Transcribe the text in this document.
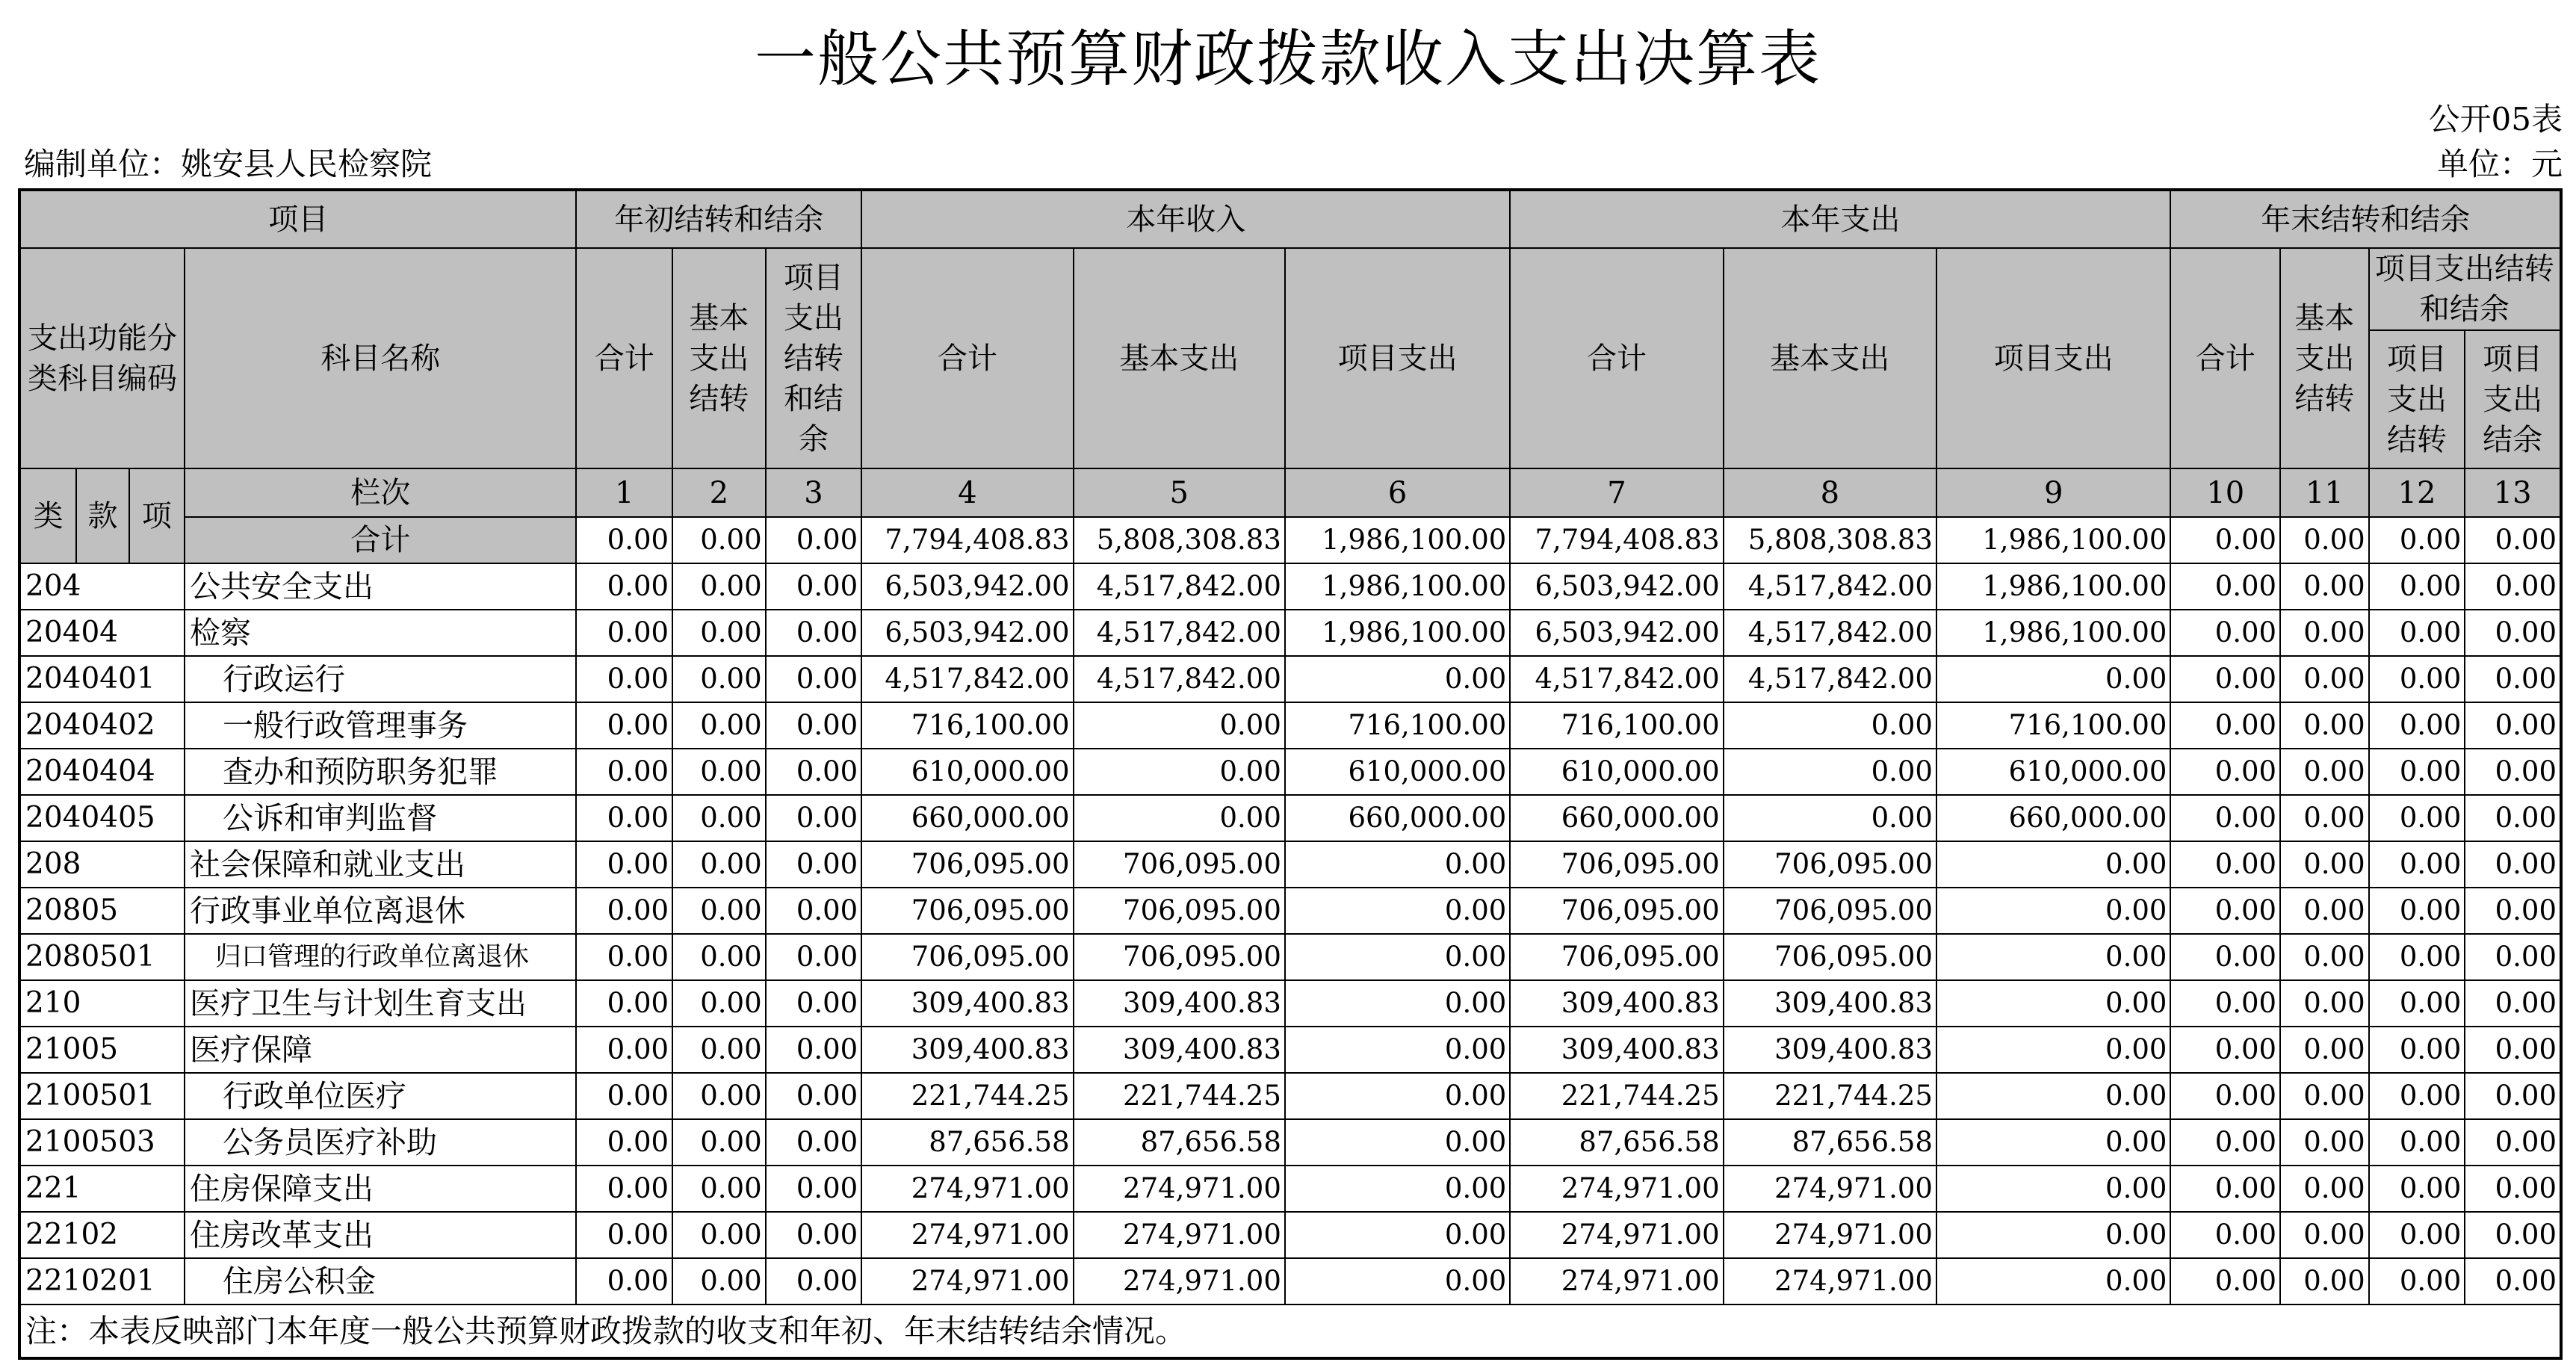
一般公共预算财政拨款收入支出决算表
公开05表
编制单位：姚安县人民检察院	单位：元
项目				年初结转和结余			本年收入			本年支出			年末结转和结余			
支出功能分类科目编码			科目名称	合计	基本支出结转	项目支出结转和结余	合计	基本支出	项目支出	合计	基本支出	项目支出	合计	基本支出结转	项目支出结转和结余	
															项目支出结转	项目支出结余
类	款	项	栏次	1	2	3	4	5	6	7	8	9	10	11	12	13
			合计	0.00	0.00	0.00	7,794,408.83	5,808,308.83	1,986,100.00	7,794,408.83	5,808,308.83	1,986,100.00	0.00	0.00	0.00	0.00
204			公共安全支出	0.00	0.00	0.00	6,503,942.00	4,517,842.00	1,986,100.00	6,503,942.00	4,517,842.00	1,986,100.00	0.00	0.00	0.00	0.00
20404			检察	0.00	0.00	0.00	6,503,942.00	4,517,842.00	1,986,100.00	6,503,942.00	4,517,842.00	1,986,100.00	0.00	0.00	0.00	0.00
2040401			行政运行	0.00	0.00	0.00	4,517,842.00	4,517,842.00	0.00	4,517,842.00	4,517,842.00	0.00	0.00	0.00	0.00	0.00
2040402			一般行政管理事务	0.00	0.00	0.00	716,100.00	0.00	716,100.00	716,100.00	0.00	716,100.00	0.00	0.00	0.00	0.00
2040404			查办和预防职务犯罪	0.00	0.00	0.00	610,000.00	0.00	610,000.00	610,000.00	0.00	610,000.00	0.00	0.00	0.00	0.00
2040405			公诉和审判监督	0.00	0.00	0.00	660,000.00	0.00	660,000.00	660,000.00	0.00	660,000.00	0.00	0.00	0.00	0.00
208			社会保障和就业支出	0.00	0.00	0.00	706,095.00	706,095.00	0.00	706,095.00	706,095.00	0.00	0.00	0.00	0.00	0.00
20805			行政事业单位离退休	0.00	0.00	0.00	706,095.00	706,095.00	0.00	706,095.00	706,095.00	0.00	0.00	0.00	0.00	0.00
2080501			归口管理的行政单位离退休	0.00	0.00	0.00	706,095.00	706,095.00	0.00	706,095.00	706,095.00	0.00	0.00	0.00	0.00	0.00
210			医疗卫生与计划生育支出	0.00	0.00	0.00	309,400.83	309,400.83	0.00	309,400.83	309,400.83	0.00	0.00	0.00	0.00	0.00
21005			医疗保障	0.00	0.00	0.00	309,400.83	309,400.83	0.00	309,400.83	309,400.83	0.00	0.00	0.00	0.00	0.00
2100501			行政单位医疗	0.00	0.00	0.00	221,744.25	221,744.25	0.00	221,744.25	221,744.25	0.00	0.00	0.00	0.00	0.00
2100503			公务员医疗补助	0.00	0.00	0.00	87,656.58	87,656.58	0.00	87,656.58	87,656.58	0.00	0.00	0.00	0.00	0.00
221			住房保障支出	0.00	0.00	0.00	274,971.00	274,971.00	0.00	274,971.00	274,971.00	0.00	0.00	0.00	0.00	0.00
22102			住房改革支出	0.00	0.00	0.00	274,971.00	274,971.00	0.00	274,971.00	274,971.00	0.00	0.00	0.00	0.00	0.00
2210201			住房公积金	0.00	0.00	0.00	274,971.00	274,971.00	0.00	274,971.00	274,971.00	0.00	0.00	0.00	0.00	0.00
注：本表反映部门本年度一般公共预算财政拨款的收支和年初、年末结转结余情况。																
